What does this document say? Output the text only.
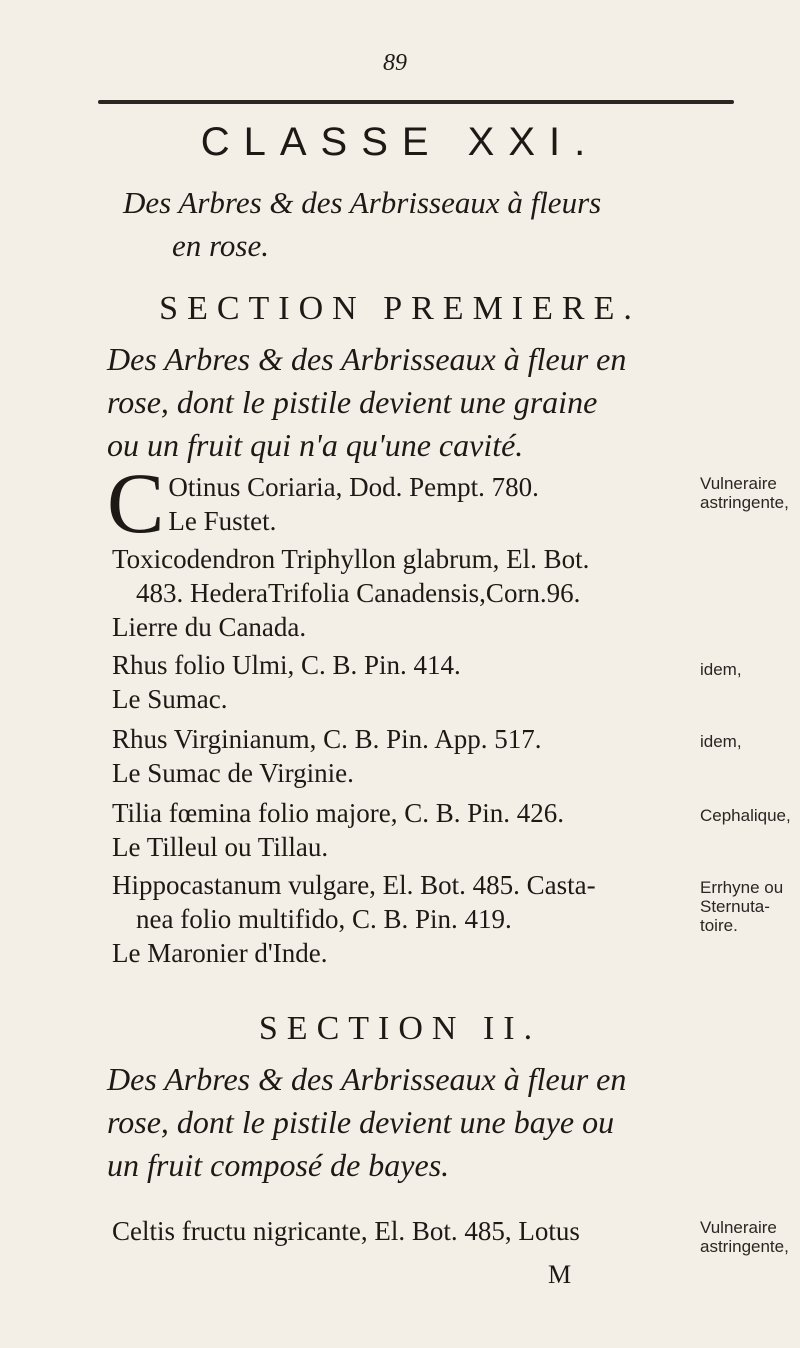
89
CLASSE XXI.
Des Arbres & des Arbrisseaux à fleurs
en rose.
SECTION PREMIERE.
Des Arbres & des Arbrisseaux à fleur en
rose, dont le pistile devient une graine
ou un fruit qui n'a qu'une cavité.
C Otinus Coriaria, Dod. Pempt. 780.
Le Fustet.
Vulneraire astringente,
Toxicodendron Triphyllon glabrum, El. Bot.
483. HederaTrifolia Canadensis,Corn.96.
Lierre du Canada.
Rhus folio Ulmi, C. B. Pin. 414.
Le Sumac.
idem,
Rhus Virginianum, C. B. Pin. App. 517.
Le Sumac de Virginie.
idem,
Tilia fœmina folio majore, C. B. Pin. 426.
Le Tilleul ou Tillau.
Cephalique,
Hippocastanum vulgare, El. Bot. 485. Casta-
nea folio multifido, C. B. Pin. 419.
Le Maronier d'Inde.
Errhyne ou Sternuta-toire.
SECTION II.
Des Arbres & des Arbrisseaux à fleur en
rose, dont le pistile devient une baye ou
un fruit composé de bayes.
Celtis fructu nigricante, El. Bot. 485, Lotus	Vulneraire astringente,
M
